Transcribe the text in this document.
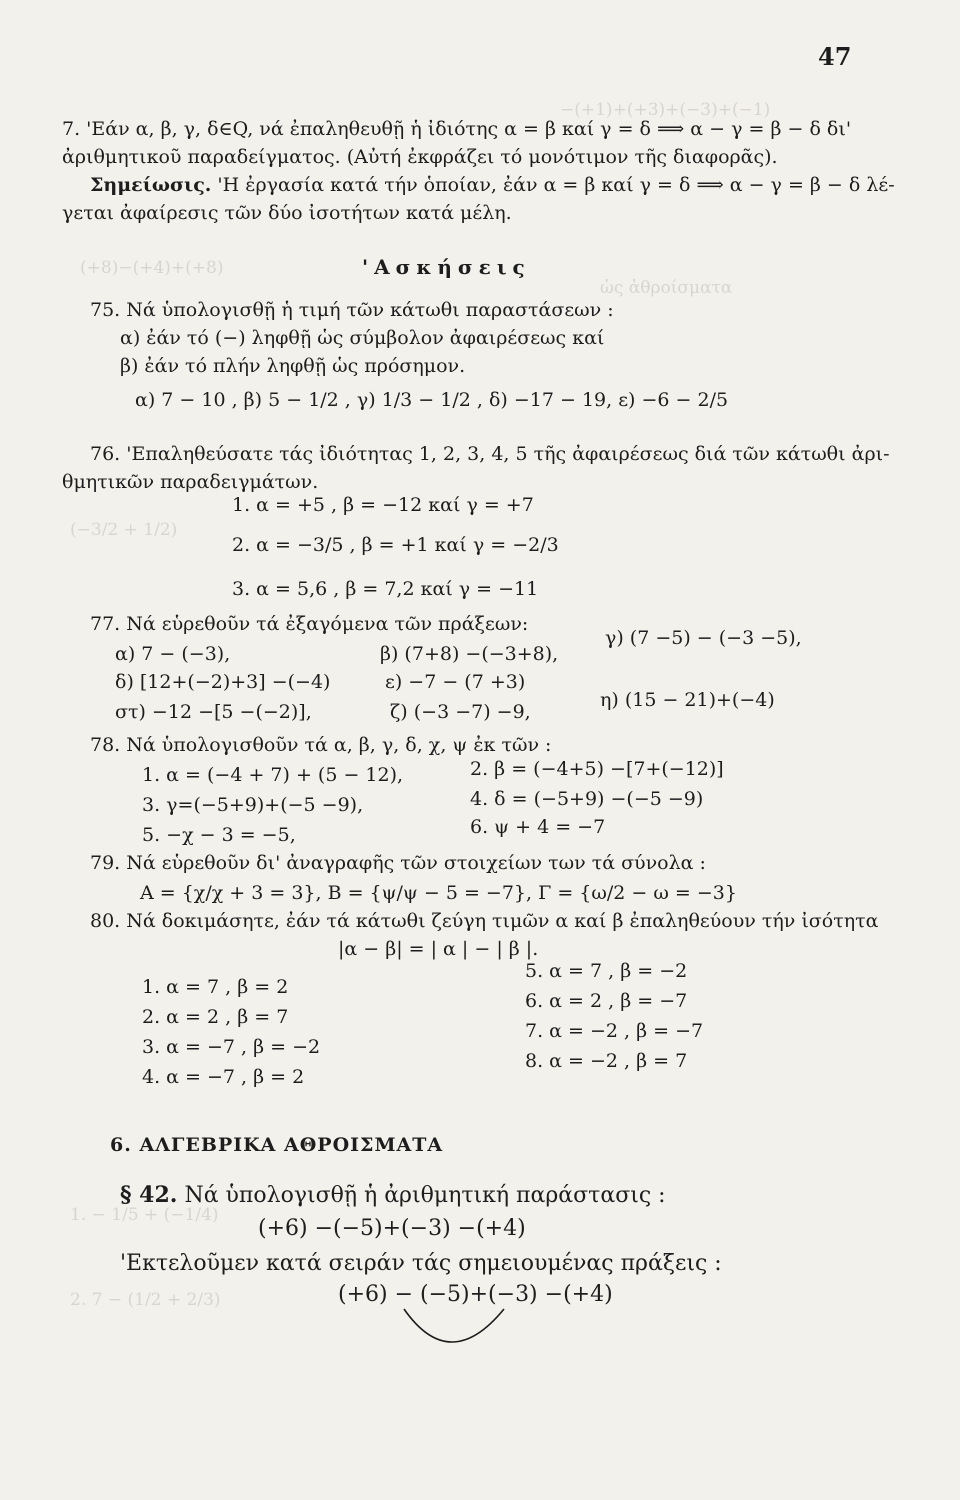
−(+1)+(+3)+(−3)+(−1)
(+8)−(+4)+(+8)
ὡς ἀθροίσματα
(−3/2 + 1/2)
1. − 1/5 + (−1/4)
2. 7 − (1/2 + 2/3)
47
7. 'Εάν α, β, γ, δ∈Q, νά ἐπαληθευθῇ ἡ ἰδιότης α = β καί γ = δ ⟹ α − γ = β − δ δι'
ἀριθμητικοῦ παραδείγματος. (Αὐτή ἐκφράζει τό μονότιμον τῆς διαφορᾶς).
Σημείωσις. 'Η ἐργασία κατά τήν ὁποίαν, ἐάν α = β καί γ = δ ⟹ α − γ = β − δ λέ-
γεται ἀφαίρεσις τῶν δύο ἰσοτήτων κατά μέλη.
'Ασκήσεις
75. Νά ὑπολογισθῇ ἡ τιμή τῶν κάτωθι παραστάσεων :
α) ἐάν τό (−) ληφθῇ ὡς σύμβολον ἀφαιρέσεως καί
β) ἐάν τό πλήν ληφθῇ ὡς πρόσημον.
α) 7 − 10 , β) 5 − 1/2 , γ) 1/3 − 1/2 , δ) −17 − 19, ε) −6 − 2/5
76. 'Επαληθεύσατε τάς ἰδιότητας 1, 2, 3, 4, 5 τῆς ἀφαιρέσεως διά τῶν κάτωθι ἀρι-
θμητικῶν παραδειγμάτων.
1. α = +5 , β = −12 καί γ = +7
2. α = −3/5 , β = +1 καί γ = −2/3
3. α = 5,6 , β = 7,2 καί γ = −11
77. Νά εὑρεθοῦν τά ἐξαγόμενα τῶν πράξεων:
α) 7 − (−3),	β) (7+8) −(−3+8),
γ) (7 −5) − (−3 −5),
δ) [12+(−2)+3] −(−4)	ε) −7 − (7 +3)
στ) −12 −[5 −(−2)],	ζ) (−3 −7) −9,
η) (15 − 21)+(−4)
78. Νά ὑπολογισθοῦν τά α, β, γ, δ, χ, ψ ἐκ τῶν :
1. α = (−4 + 7) + (5 − 12),	2. β = (−4+5) −[7+(−12)]
3. γ=(−5+9)+(−5 −9),	4. δ = (−5+9) −(−5 −9)
5. −χ − 3 = −5,	6. ψ + 4 = −7
79. Νά εὑρεθοῦν δι' ἀναγραφῆς τῶν στοιχείων των τά σύνολα :
Α = {χ/χ + 3 = 3}, Β = {ψ/ψ − 5 = −7}, Γ = {ω/2 − ω = −3}
80. Νά δοκιμάσητε, ἐάν τά κάτωθι ζεύγη τιμῶν α καί β ἐπαληθεύουν τήν ἰσότητα
|α − β| = | α | − | β |.
1. α = 7 , β = 2
2. α = 2 , β = 7
3. α = −7 , β = −2
4. α = −7 , β = 2
5. α = 7 , β = −2
6. α = 2 , β = −7
7. α = −2 , β = −7
8. α = −2 , β = 7
6. ΑΛΓΕΒΡΙΚΑ ΑΘΡΟΙΣΜΑΤΑ
§ 42. Νά ὑπολογισθῇ ἡ ἀριθμητική παράστασις :
(+6) −(−5)+(−3) −(+4)
'Εκτελοῦμεν κατά σειράν τάς σημειουμένας πράξεις :
(+6) − (−5)+(−3) −(+4)
